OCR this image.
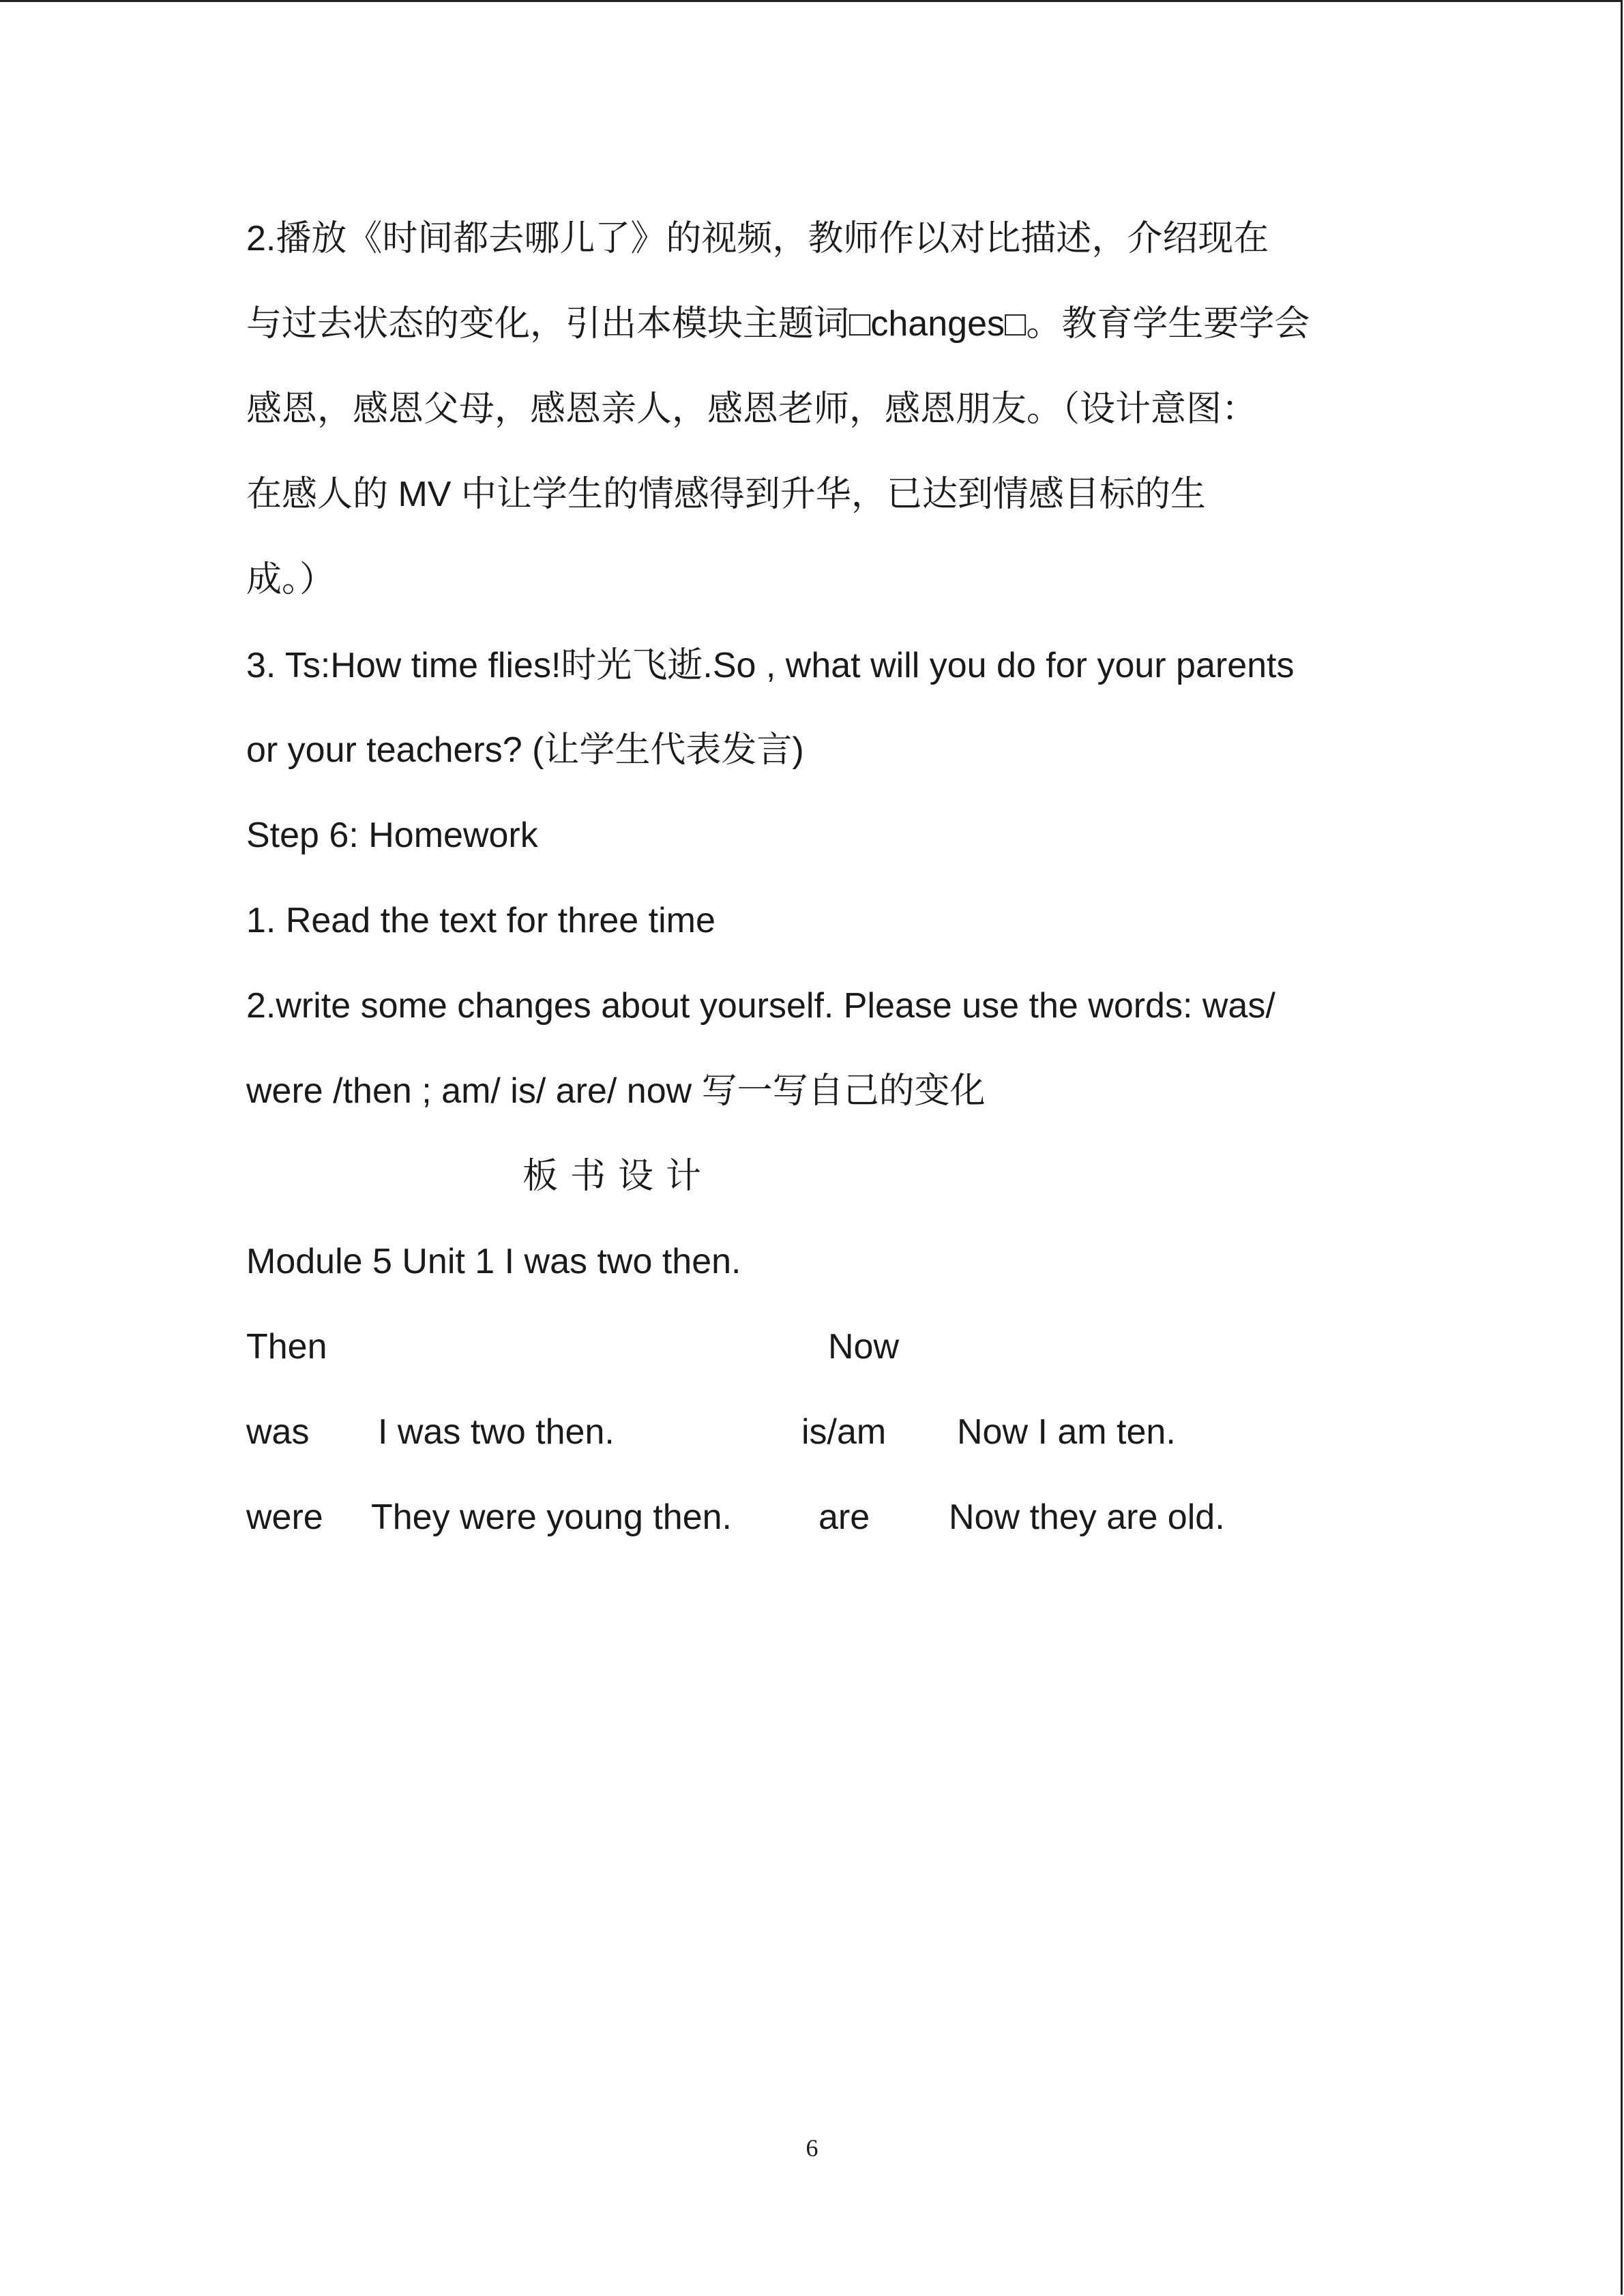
2.播放《时间都去哪儿了》的视频，教师作以对比描述，介绍现在
与过去状态的变化，引出本模块主题词□changes□。教育学生要学会
感恩，感恩父母，感恩亲人，感恩老师，感恩朋友。（设计意图：
在感人的 MV 中让学生的情感得到升华，已达到情感目标的生
成。）
3. Ts:How time flies!时光飞逝.So , what will you do for your parents
or your teachers? (让学生代表发言)
Step 6: Homework
1. Read the text for three time
2.write some changes about yourself. Please use the words: was/
were /then ; am/ is/ are/ now 写一写自己的变化
板书设计
Module 5 Unit 1 I was two then.
Then	Now
was I was two then.	is/am Now I am ten.
were They were young then. are Now they are old.
6
